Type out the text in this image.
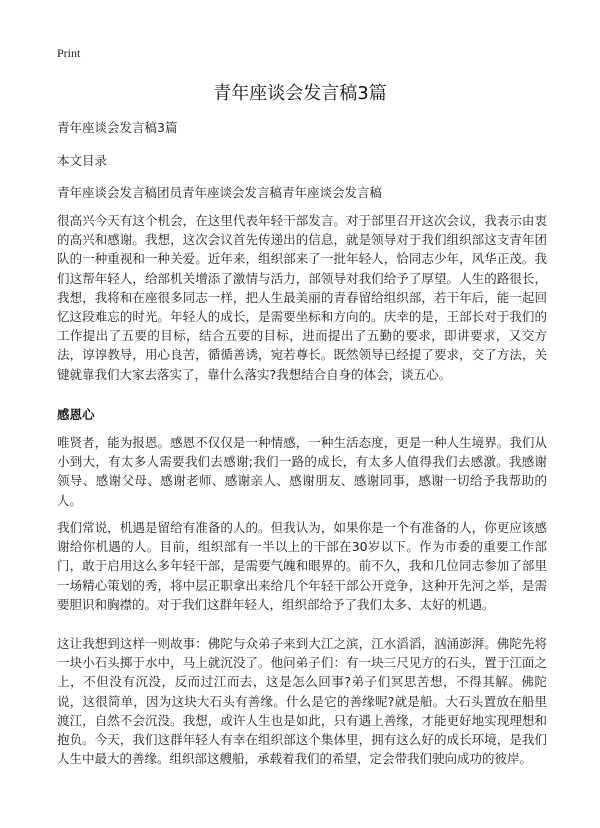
Print
青年座谈会发言稿3篇

青年座谈会发言稿3篇

本文目录

青年座谈会发言稿团员青年座谈会发言稿青年座谈会发言稿

很高兴今天有这个机会，在这里代表年轻干部发言。对于部里召开这次会议，我表示由衷的高兴和感谢。我想，这次会议首先传递出的信息，就是领导对于我们组织部这支青年团队的一种重视和一种关爱。近年来，组织部来了一批年轻人，恰同志少年，风华正茂。我们这帮年轻人，给部机关增添了激情与活力，部领导对我们给予了厚望。人生的路很长，我想，我将和在座很多同志一样，把人生最美丽的青春留给组织部，若干年后，能一起回忆这段难忘的时光。年轻人的成长，是需要坐标和方向的。庆幸的是，王部长对于我们的工作提出了五要的目标，结合五要的目标，进而提出了五勤的要求，即讲要求，又交方法，谆谆教导，用心良苦，循循善诱，宛若尊长。既然领导已经提了要求，交了方法，关键就靠我们大家去落实了，靠什么落实?我想结合自身的体会，谈五心。

感恩心

唯贤者，能为报恩。感恩不仅仅是一种情感，一种生活态度，更是一种人生境界。我们从小到大，有太多人需要我们去感谢;我们一路的成长，有太多人值得我们去感激。我感谢领导、感谢父母、感谢老师、感谢亲人、感谢朋友、感谢同事，感谢一切给予我帮助的人。

我们常说，机遇是留给有准备的人的。但我认为，如果你是一个有准备的人，你更应该感谢给你机遇的人。目前，组织部有一半以上的干部在30岁以下。作为市委的重要工作部门，敢于启用这么多年轻干部，是需要气魄和眼界的。前不久，我和几位同志参加了部里一场精心策划的秀，将中层正职拿出来给几个年轻干部公开竞争，这种开先河之举，是需要胆识和胸襟的。对于我们这群年轻人，组织部给予了我们太多、太好的机遇。

这让我想到这样一则故事：佛陀与众弟子来到大江之滨，江水滔滔，汹涌澎湃。佛陀先将一块小石头掷于水中，马上就沉没了。他问弟子们：有一块三尺见方的石头，置于江面之上，不但没有沉没，反而过江而去，这是怎么回事?弟子们冥思苦想，不得其解。佛陀说，这很简单，因为这块大石头有善缘。什么是它的善缘呢?就是船。大石头置放在船里渡江，自然不会沉没。我想，或许人生也是如此，只有遇上善缘，才能更好地实现理想和抱负。今天，我们这群年轻人有幸在组织部这个集体里，拥有这么好的成长环境，是我们人生中最大的善缘。组织部这艘船，承载着我们的希望，定会带我们驶向成功的彼岸。
